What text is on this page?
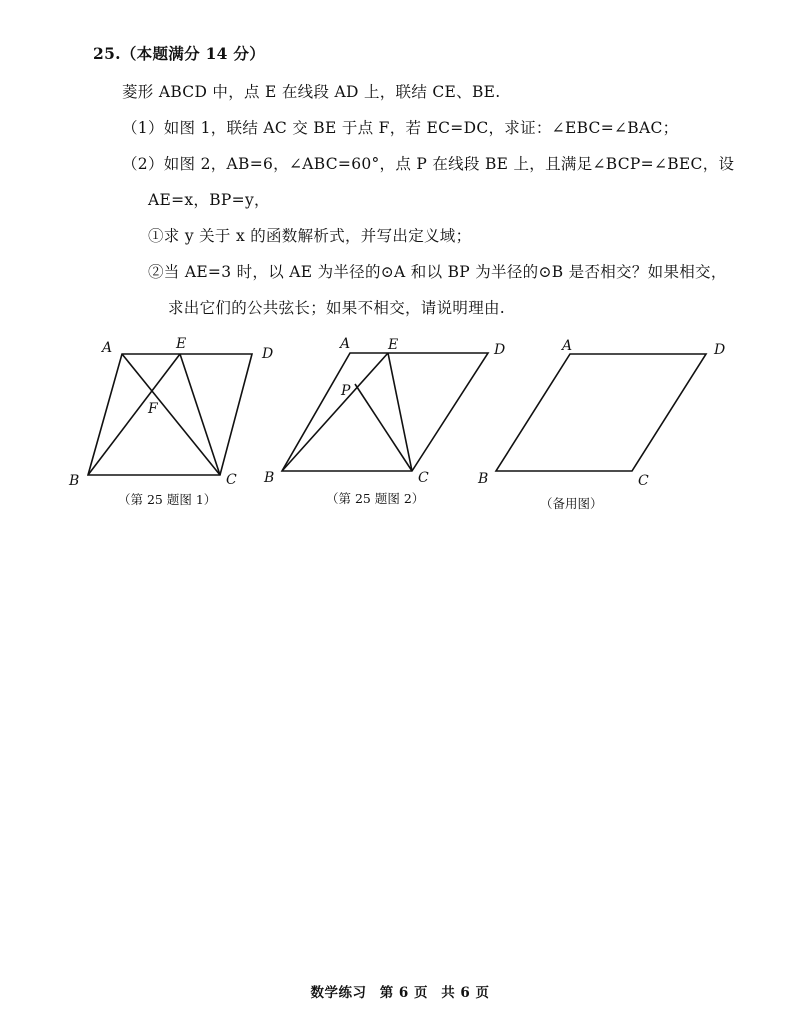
25.（本题满分 14 分）
菱形 ABCD 中，点 E 在线段 AD 上，联结 CE、BE.
（1）如图 1，联结 AC 交 BE 于点 F，若 EC=DC，求证：∠EBC=∠BAC；
（2）如图 2，AB=6，∠ABC=60°，点 P 在线段 BE 上，且满足∠BCP=∠BEC，设
AE=x，BP=y，
①求 y 关于 x 的函数解析式，并写出定义域；
②当 AE=3 时，以 AE 为半径的⊙A 和以 BP 为半径的⊙B 是否相交？如果相交，
求出它们的公共弦长；如果不相交，请说明理由.
A	E
D
F
B	C
（第 25 题图 1）
A	E	D
P
B	C
（第 25 题图 2）
A	D
B	C
（备用图）
数学练习 第 6 页 共 6 页
